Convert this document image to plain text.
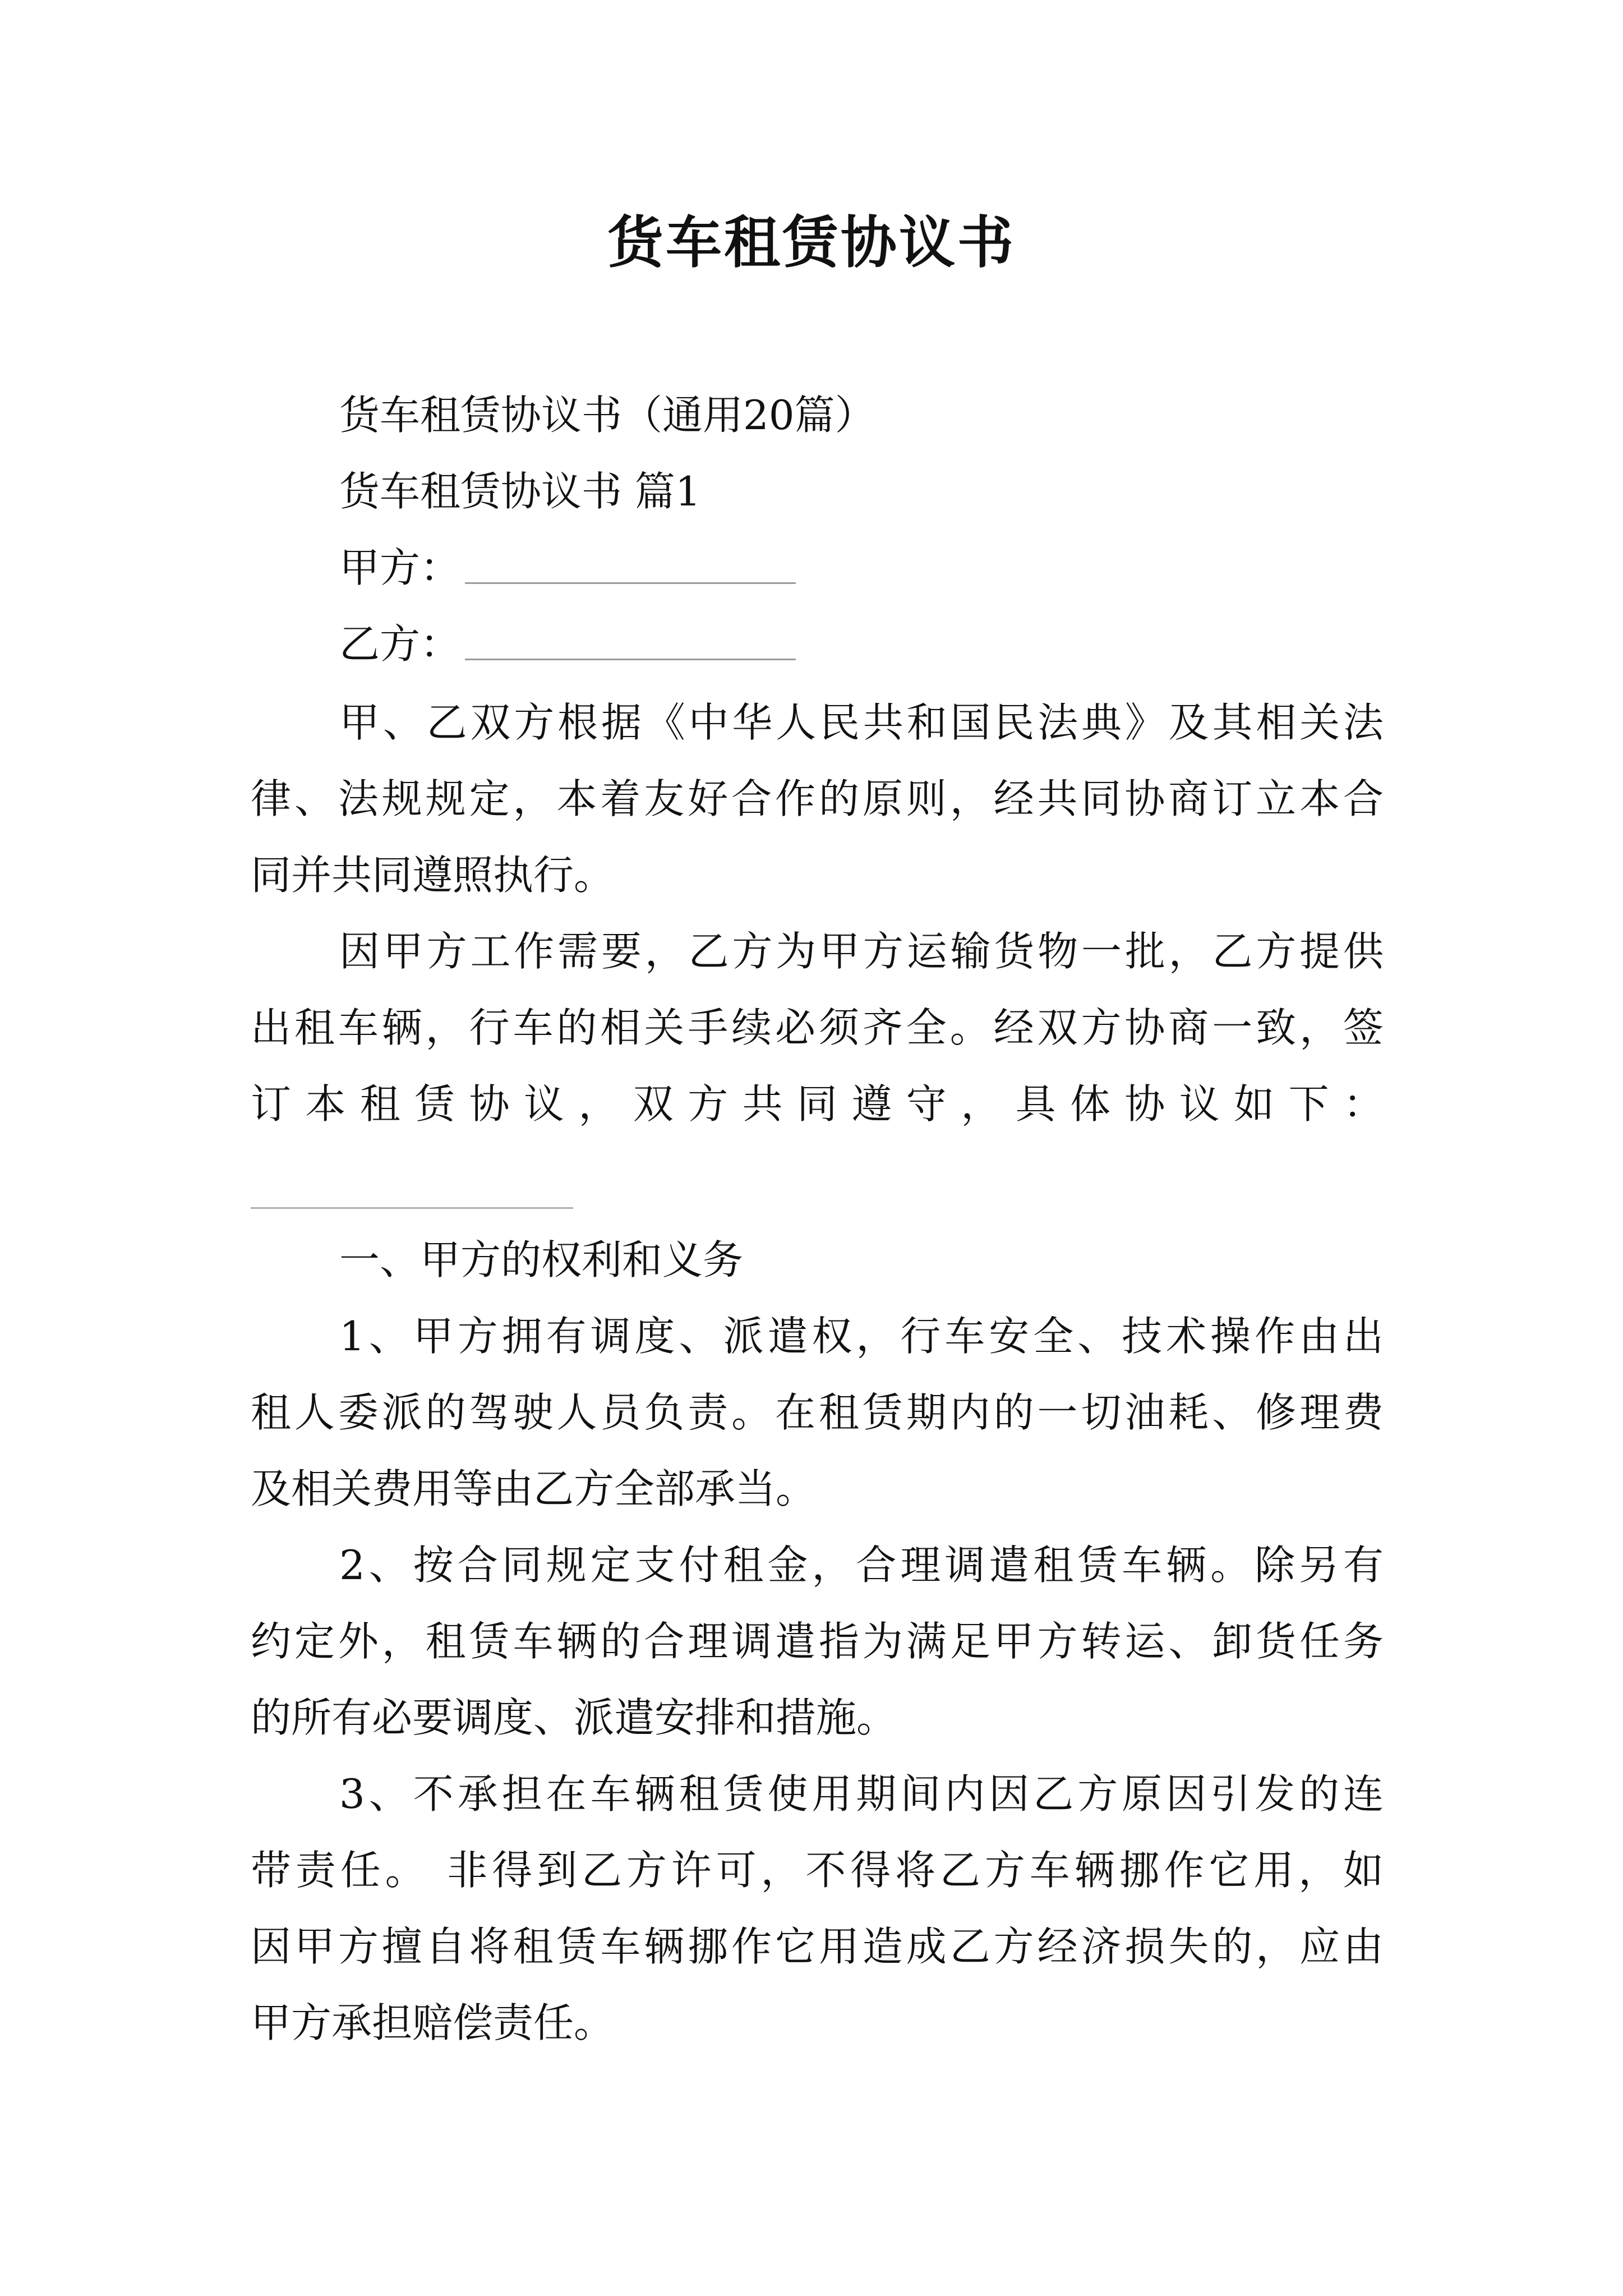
货车租赁协议书
货车租赁协议书（通用20篇）
货车租赁协议书 篇1
甲方：
乙方：
甲、乙双方根据《中华人民共和国民法典》及其相关法
律、法规规定，本着友好合作的原则，经共同协商订立本合
同并共同遵照执行。
因甲方工作需要，乙方为甲方运输货物一批，乙方提供
出租车辆，行车的相关手续必须齐全。经双方协商一致，签
订本租赁协议，双方共同遵守，具体协议如下：
一、甲方的权利和义务
1、甲方拥有调度、派遣权，行车安全、技术操作由出
租人委派的驾驶人员负责。在租赁期内的一切油耗、修理费
及相关费用等由乙方全部承当。
2、按合同规定支付租金，合理调遣租赁车辆。除另有
约定外，租赁车辆的合理调遣指为满足甲方转运、卸货任务
的所有必要调度、派遣安排和措施。
3、不承担在车辆租赁使用期间内因乙方原因引发的连
带责任。 非得到乙方许可，不得将乙方车辆挪作它用，如
因甲方擅自将租赁车辆挪作它用造成乙方经济损失的，应由
甲方承担赔偿责任。
